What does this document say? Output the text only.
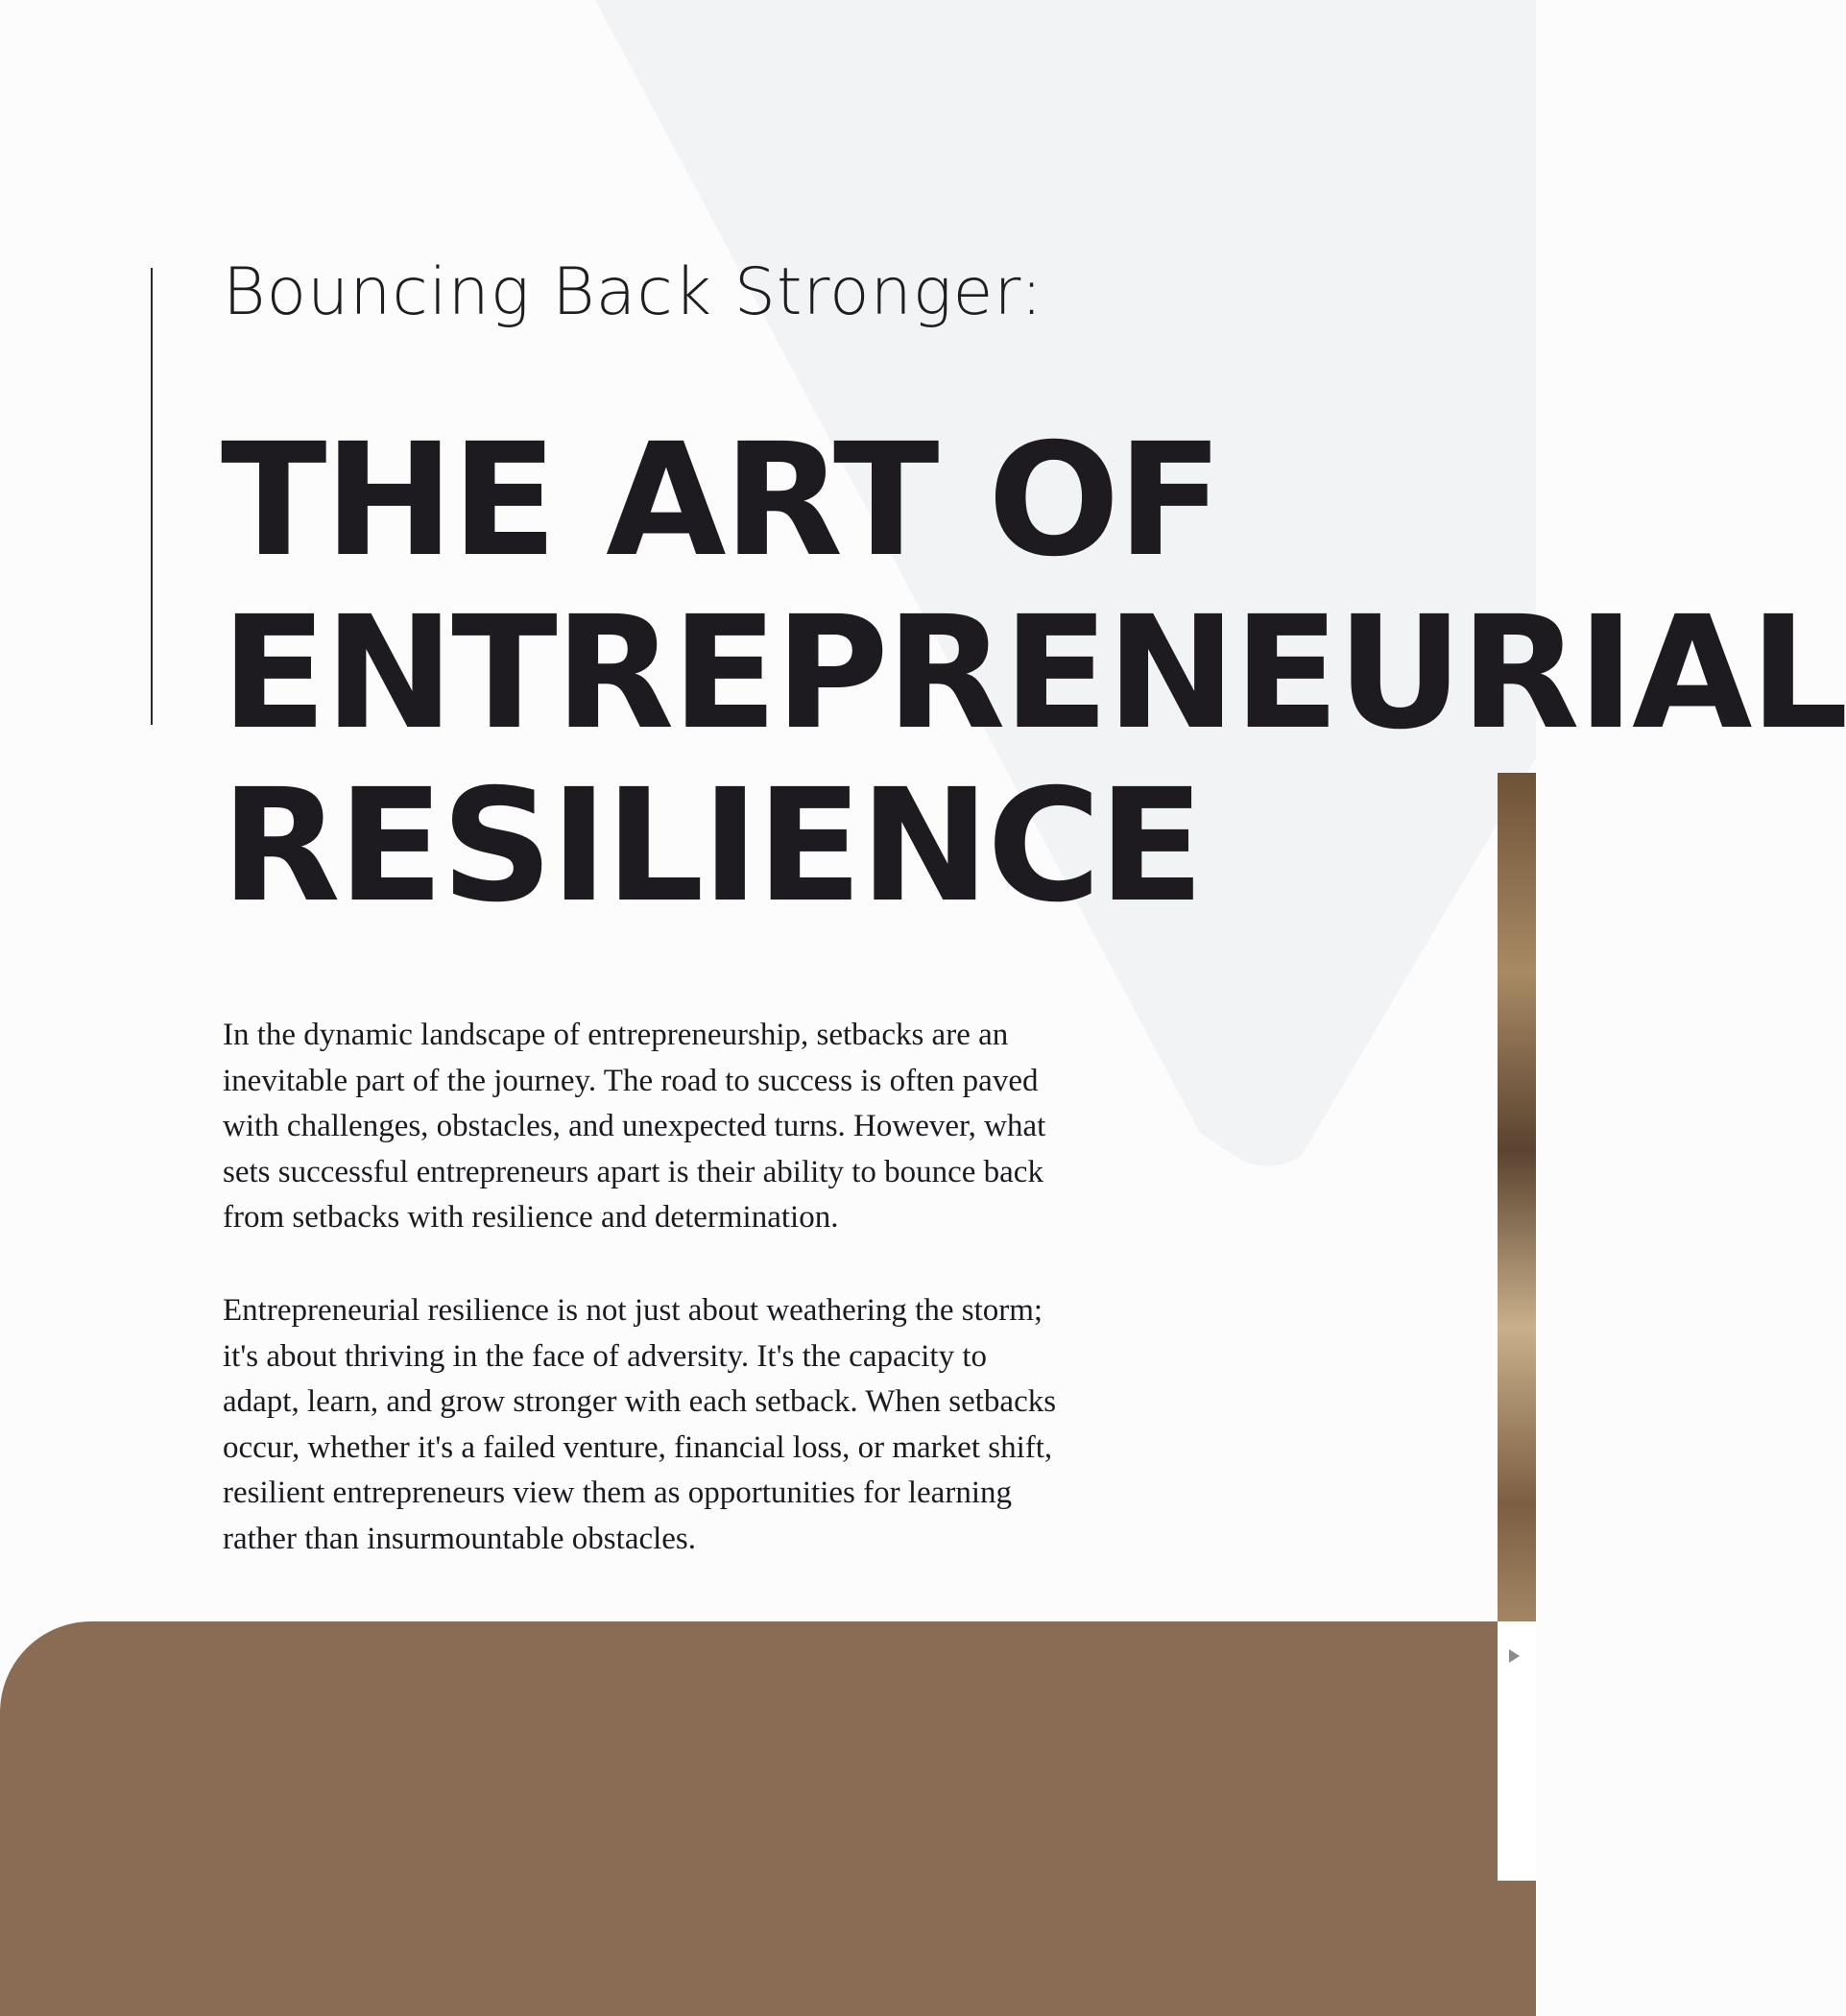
Bouncing Back Stronger:
THE ART OF
ENTREPRENEURIAL
RESILIENCE

In the dynamic landscape of entrepreneurship, setbacks are an
inevitable part of the journey. The road to success is often paved
with challenges, obstacles, and unexpected turns. However, what
sets successful entrepreneurs apart is their ability to bounce back
from setbacks with resilience and determination.

Entrepreneurial resilience is not just about weathering the storm;
it's about thriving in the face of adversity. It's the capacity to
adapt, learn, and grow stronger with each setback. When setbacks
occur, whether it's a failed venture, financial loss, or market shift,
resilient entrepreneurs view them as opportunities for learning
rather than insurmountable obstacles.
